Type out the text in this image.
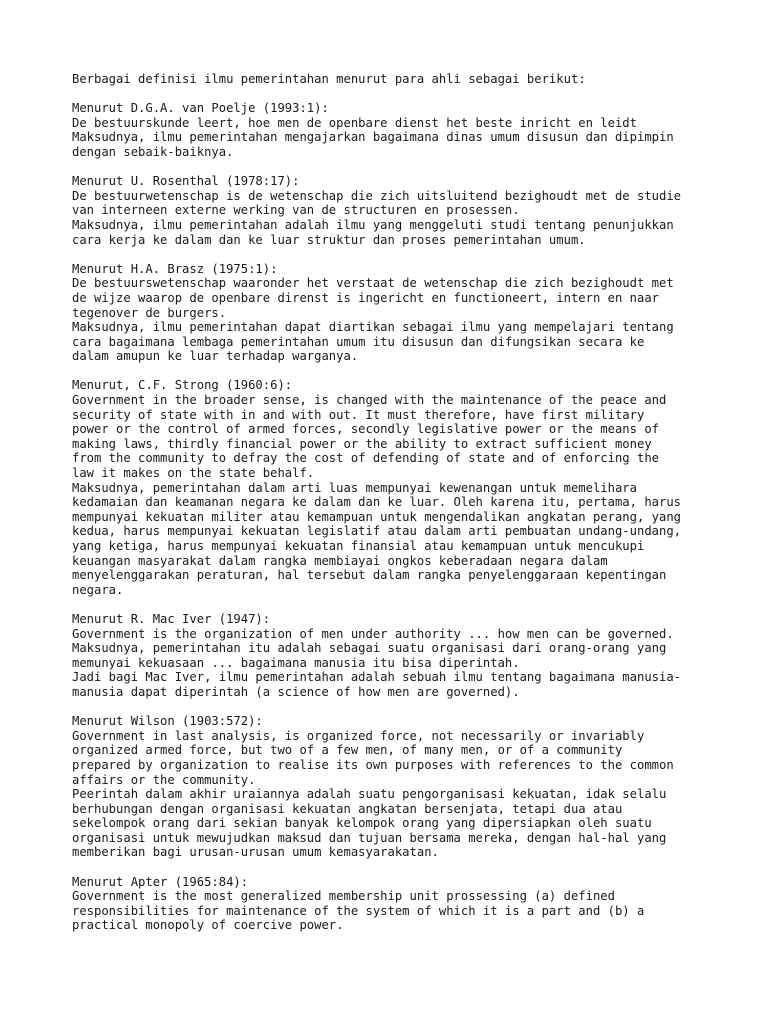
Berbagai definisi ilmu pemerintahan menurut para ahli sebagai berikut:

Menurut D.G.A. van Poelje (1993:1):
De bestuurskunde leert, hoe men de openbare dienst het beste inricht en leidt
Maksudnya, ilmu pemerintahan mengajarkan bagaimana dinas umum disusun dan dipimpin
dengan sebaik-baiknya.
Menurut U. Rosenthal (1978:17):
De bestuurwetenschap is de wetenschap die zich uitsluitend bezighoudt met de studie
van interneen externe werking van de structuren en prosessen.
Maksudnya, ilmu pemerintahan adalah ilmu yang menggeluti studi tentang penunjukkan
cara kerja ke dalam dan ke luar struktur dan proses pemerintahan umum.
Menurut H.A. Brasz (1975:1):
De bestuurswetenschap waaronder het verstaat de wetenschap die zich bezighoudt met
de wijze waarop de openbare direnst is ingericht en functioneert, intern en naar
tegenover de burgers.
Maksudnya, ilmu pemerintahan dapat diartikan sebagai ilmu yang mempelajari tentang
cara bagaimana lembaga pemerintahan umum itu disusun dan difungsikan secara ke
dalam amupun ke luar terhadap warganya.
Menurut, C.F. Strong (1960:6):
Government in the broader sense, is changed with the maintenance of the peace and
security of state with in and with out. It must therefore, have first military
power or the control of armed forces, secondly legislative power or the means of
making laws, thirdly financial power or the ability to extract sufficient money
from the community to defray the cost of defending of state and of enforcing the
law it makes on the state behalf.
Maksudnya, pemerintahan dalam arti luas mempunyai kewenangan untuk memelihara
kedamaian dan keamanan negara ke dalam dan ke luar. Oleh karena itu, pertama, harus
mempunyai kekuatan militer atau kemampuan untuk mengendalikan angkatan perang, yang
kedua, harus mempunyai kekuatan legislatif atau dalam arti pembuatan undang-undang,
yang ketiga, harus mempunyai kekuatan finansial atau kemampuan untuk mencukupi
keuangan masyarakat dalam rangka membiayai ongkos keberadaan negara dalam
menyelenggarakan peraturan, hal tersebut dalam rangka penyelenggaraan kepentingan
negara.
Menurut R. Mac Iver (1947):
Government is the organization of men under authority ... how men can be governed.
Maksudnya, pemerintahan itu adalah sebagai suatu organisasi dari orang-orang yang
memunyai kekuasaan ... bagaimana manusia itu bisa diperintah.
Jadi bagi Mac Iver, ilmu pemerintahan adalah sebuah ilmu tentang bagaimana manusia-
manusia dapat diperintah (a science of how men are governed).
Menurut Wilson (1903:572):
Government in last analysis, is organized force, not necessarily or invariably
organized armed force, but two of a few men, of many men, or of a community
prepared by organization to realise its own purposes with references to the common
affairs or the community.
Peerintah dalam akhir uraiannya adalah suatu pengorganisasi kekuatan, idak selalu
berhubungan dengan organisasi kekuatan angkatan bersenjata, tetapi dua atau
sekelompok orang dari sekian banyak kelompok orang yang dipersiapkan oleh suatu
organisasi untuk mewujudkan maksud dan tujuan bersama mereka, dengan hal-hal yang
memberikan bagi urusan-urusan umum kemasyarakatan.
Menurut Apter (1965:84):
Government is the most generalized membership unit prossessing (a) defined
responsibilities for maintenance of the system of which it is a part and (b) a
practical monopoly of coercive power.
